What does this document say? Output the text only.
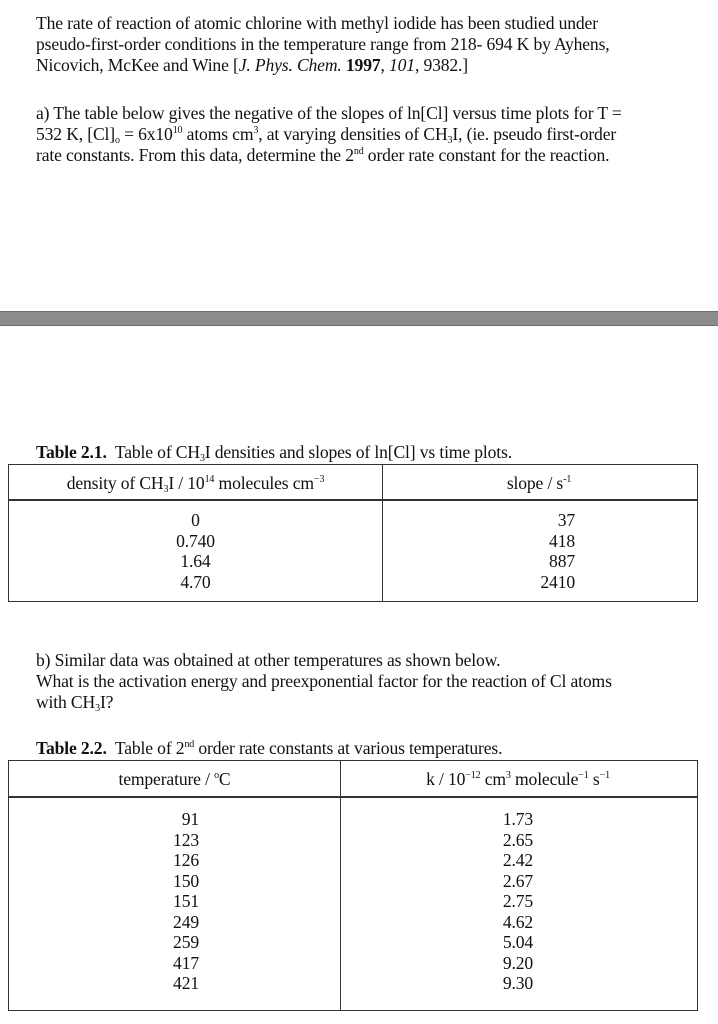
The rate of reaction of atomic chlorine with methyl iodide has been studied under
pseudo-first-order conditions in the temperature range from 218- 694 K by Ayhens,
Nicovich, McKee and Wine [J. Phys. Chem. 1997, 101, 9382.]
a) The table below gives the negative of the slopes of ln[Cl] versus time plots for T =
532 K, $[Cl]_o = 6x10^{10}$ atoms $cm^3$, at varying densities of $CH_3I$, (ie. pseudo first-order
rate constants. From this data, determine the 2nd order rate constant for the reaction.
Table 2.1.  Table of $CH_3I$ densities and slopes of ln[Cl] vs time plots.
density of $CH_3I / 10^{14}$ molecules $cm^{-3}$	slope / $s^{-1}$
0
0.740
1.64
4.70
37
418
887
2410
b) Similar data was obtained at other temperatures as shown below.
What is the activation energy and preexponential factor for the reaction of Cl atoms
with $CH_3I$?
Table 2.2.  Table of 2nd order rate constants at various temperatures.
temperature / $^o$C	k / $10^{-12}$ $cm^3$ molecule$^{-1}$ $s^{-1}$
91
123
126
150
151
249
259
417
421
1.73
2.65
2.42
2.67
2.75
4.62
5.04
9.20
9.30
